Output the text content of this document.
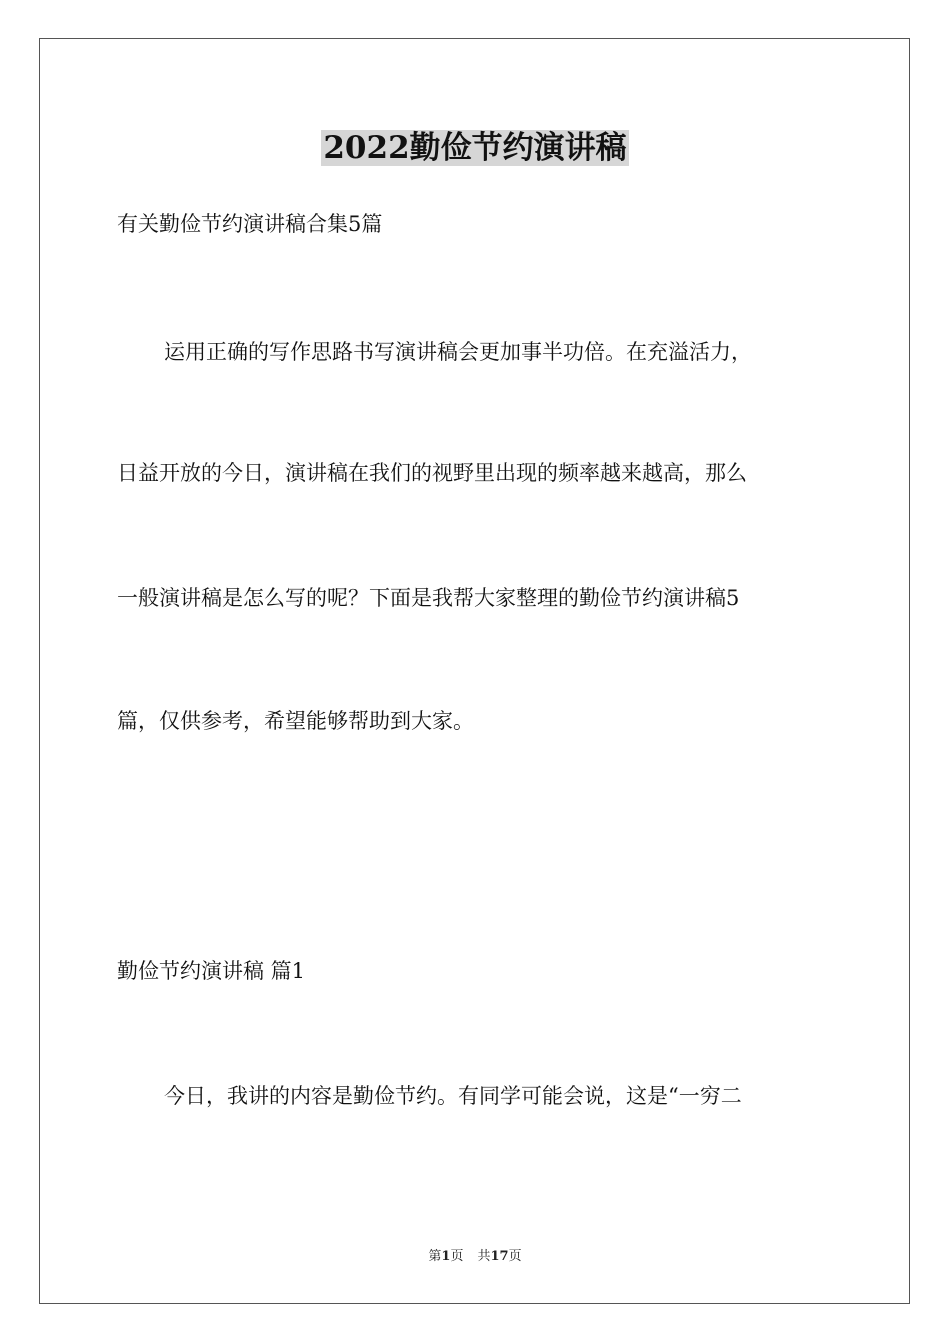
2022勤俭节约演讲稿

有关勤俭节约演讲稿合集5篇

运用正确的写作思路书写演讲稿会更加事半功倍。在充溢活力，

日益开放的今日，演讲稿在我们的视野里出现的频率越来越高，那么

一般演讲稿是怎么写的呢？下面是我帮大家整理的勤俭节约演讲稿5

篇，仅供参考，希望能够帮助到大家。

勤俭节约演讲稿 篇1

今日，我讲的内容是勤俭节约。有同学可能会说，这是“一穷二

第1页 共17页
